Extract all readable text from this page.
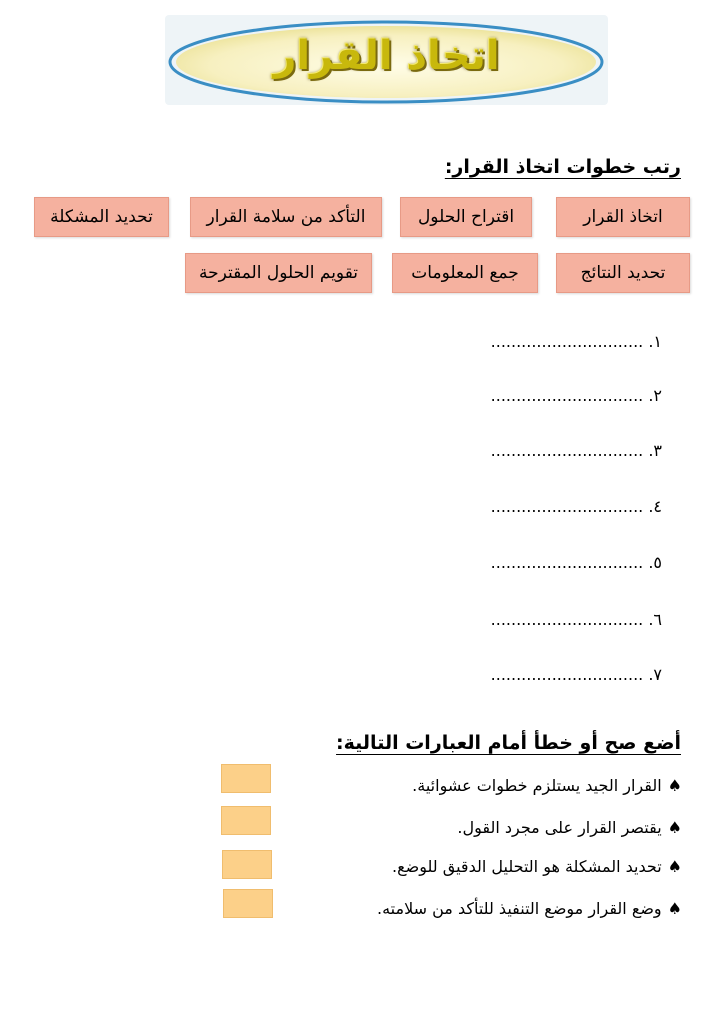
اتخاذ القرار
رتب خطوات اتخاذ القرار:
اتخاذ القرار
اقتراح الحلول
التأكد من سلامة القرار
تحديد المشكلة
تحديد النتائج
جمع المعلومات
تقويم الحلول المقترحة
١. ..............................
٢. ..............................
٣. ..............................
٤. ..............................
٥. ..............................
٦. ..............................
٧. ..............................
أضع صح أو خطأ أمام العبارات التالية:
♠القرار الجيد يستلزم خطوات عشوائية.
♠يقتصر القرار على مجرد القول.
♠تحديد المشكلة هو التحليل الدقيق للوضع.
♠وضع القرار موضع التنفيذ للتأكد من سلامته.
